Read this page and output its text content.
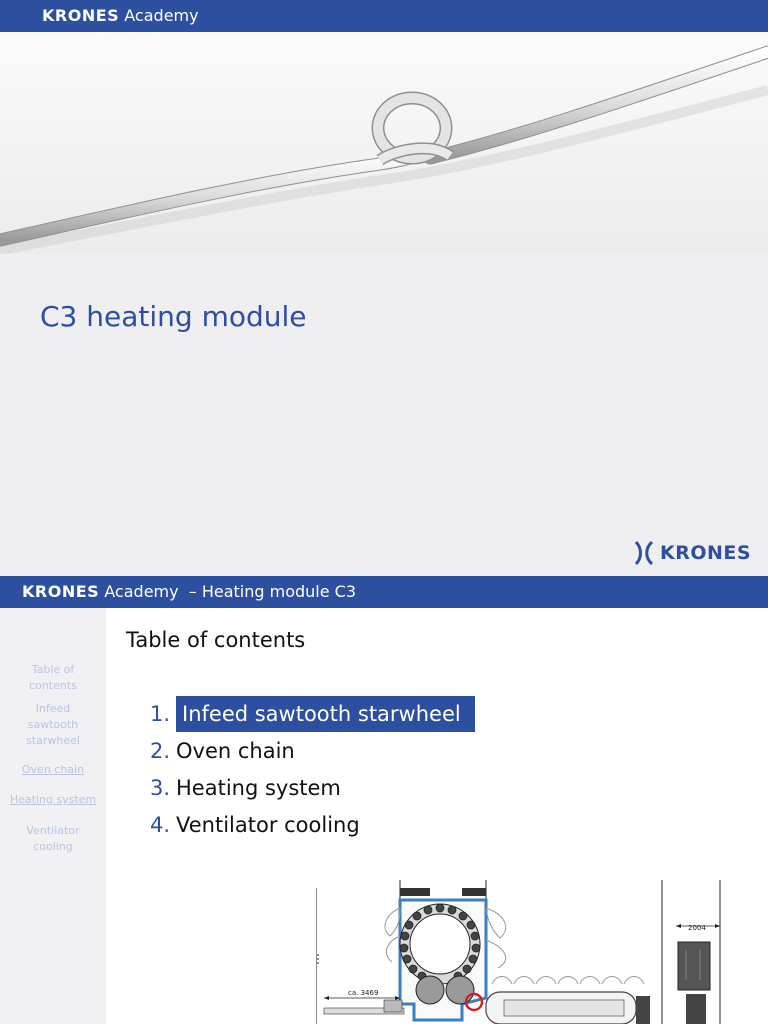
KRONES Academy
C3 heating module
KRONES
KRONES Academy  – Heating module C3
Table of contents
Infeed sawtooth starwheel
Oven chain
Heating system
Ventilator cooling
Table of contents
1. Infeed sawtooth starwheel
2. Oven chain
3. Heating system
4. Ventilator cooling
ca. 3469
2004
